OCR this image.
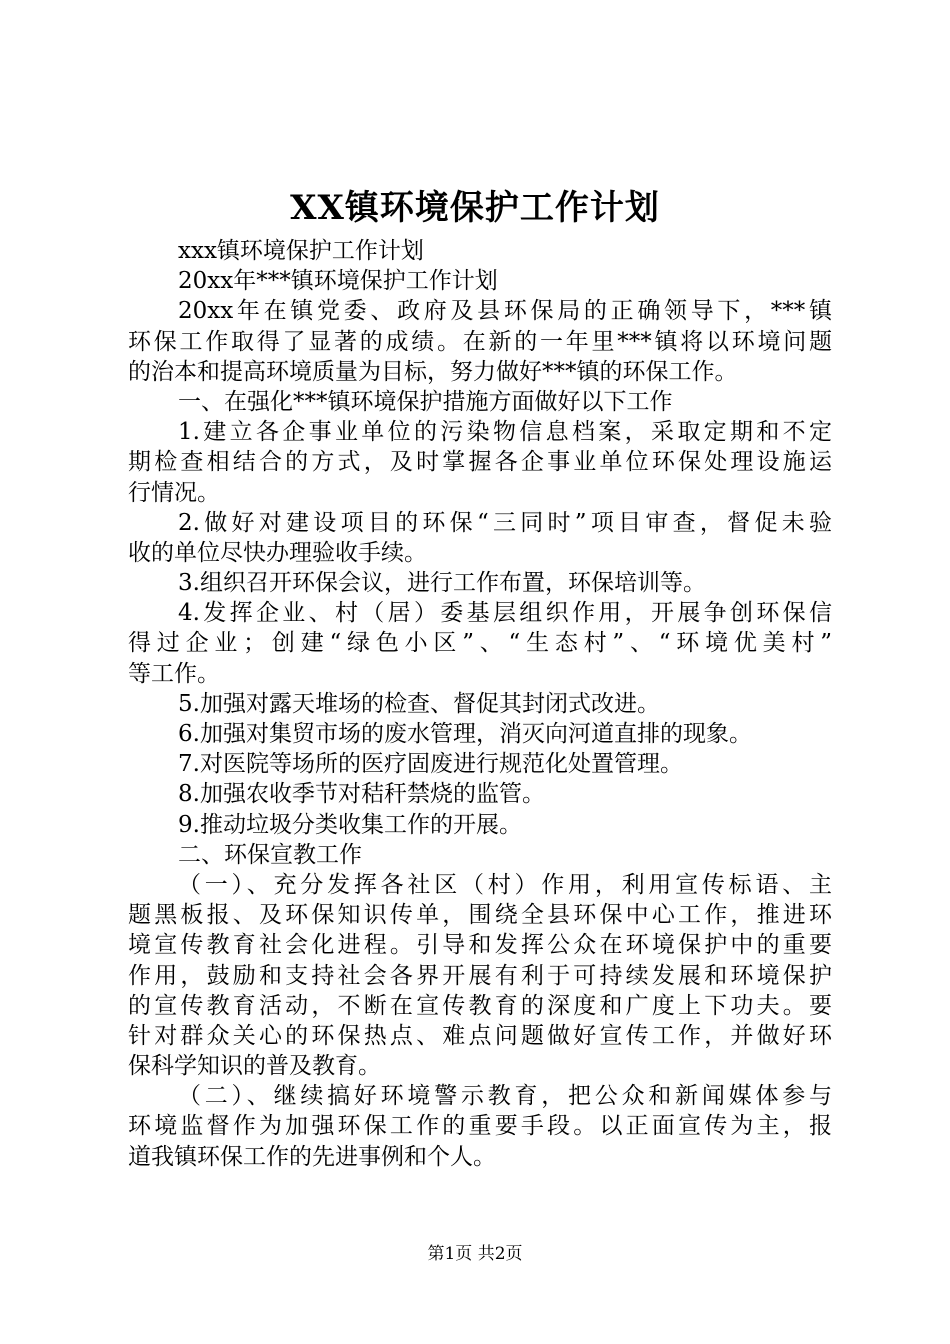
XX镇环境保护工作计划
xxx镇环境保护工作计划
20xx年***镇环境保护工作计划
20xx年在镇党委、政府及县环保局的正确领导下，***镇
环保工作取得了显著的成绩。在新的一年里***镇将以环境问题
的治本和提高环境质量为目标，努力做好***镇的环保工作。
一、在强化***镇环境保护措施方面做好以下工作
1.建立各企事业单位的污染物信息档案，采取定期和不定
期检查相结合的方式，及时掌握各企事业单位环保处理设施运
行情况。
2.做好对建设项目的环保“三同时”项目审查，督促未验
收的单位尽快办理验收手续。
3.组织召开环保会议，进行工作布置，环保培训等。
4.发挥企业、村（居）委基层组织作用，开展争创环保信
得过企业；创建“绿色小区”、“生态村”、“环境优美村”
等工作。
5.加强对露天堆场的检查、督促其封闭式改进。
6.加强对集贸市场的废水管理，消灭向河道直排的现象。
7.对医院等场所的医疗固废进行规范化处置管理。
8.加强农收季节对秸秆禁烧的监管。
9.推动垃圾分类收集工作的开展。
二、环保宣教工作
（一）、充分发挥各社区（村）作用，利用宣传标语、主
题黑板报、及环保知识传单，围绕全县环保中心工作，推进环
境宣传教育社会化进程。引导和发挥公众在环境保护中的重要
作用，鼓励和支持社会各界开展有利于可持续发展和环境保护
的宣传教育活动，不断在宣传教育的深度和广度上下功夫。要
针对群众关心的环保热点、难点问题做好宣传工作，并做好环
保科学知识的普及教育。
（二）、继续搞好环境警示教育，把公众和新闻媒体参与
环境监督作为加强环保工作的重要手段。以正面宣传为主，报
道我镇环保工作的先进事例和个人。
第1页 共2页
